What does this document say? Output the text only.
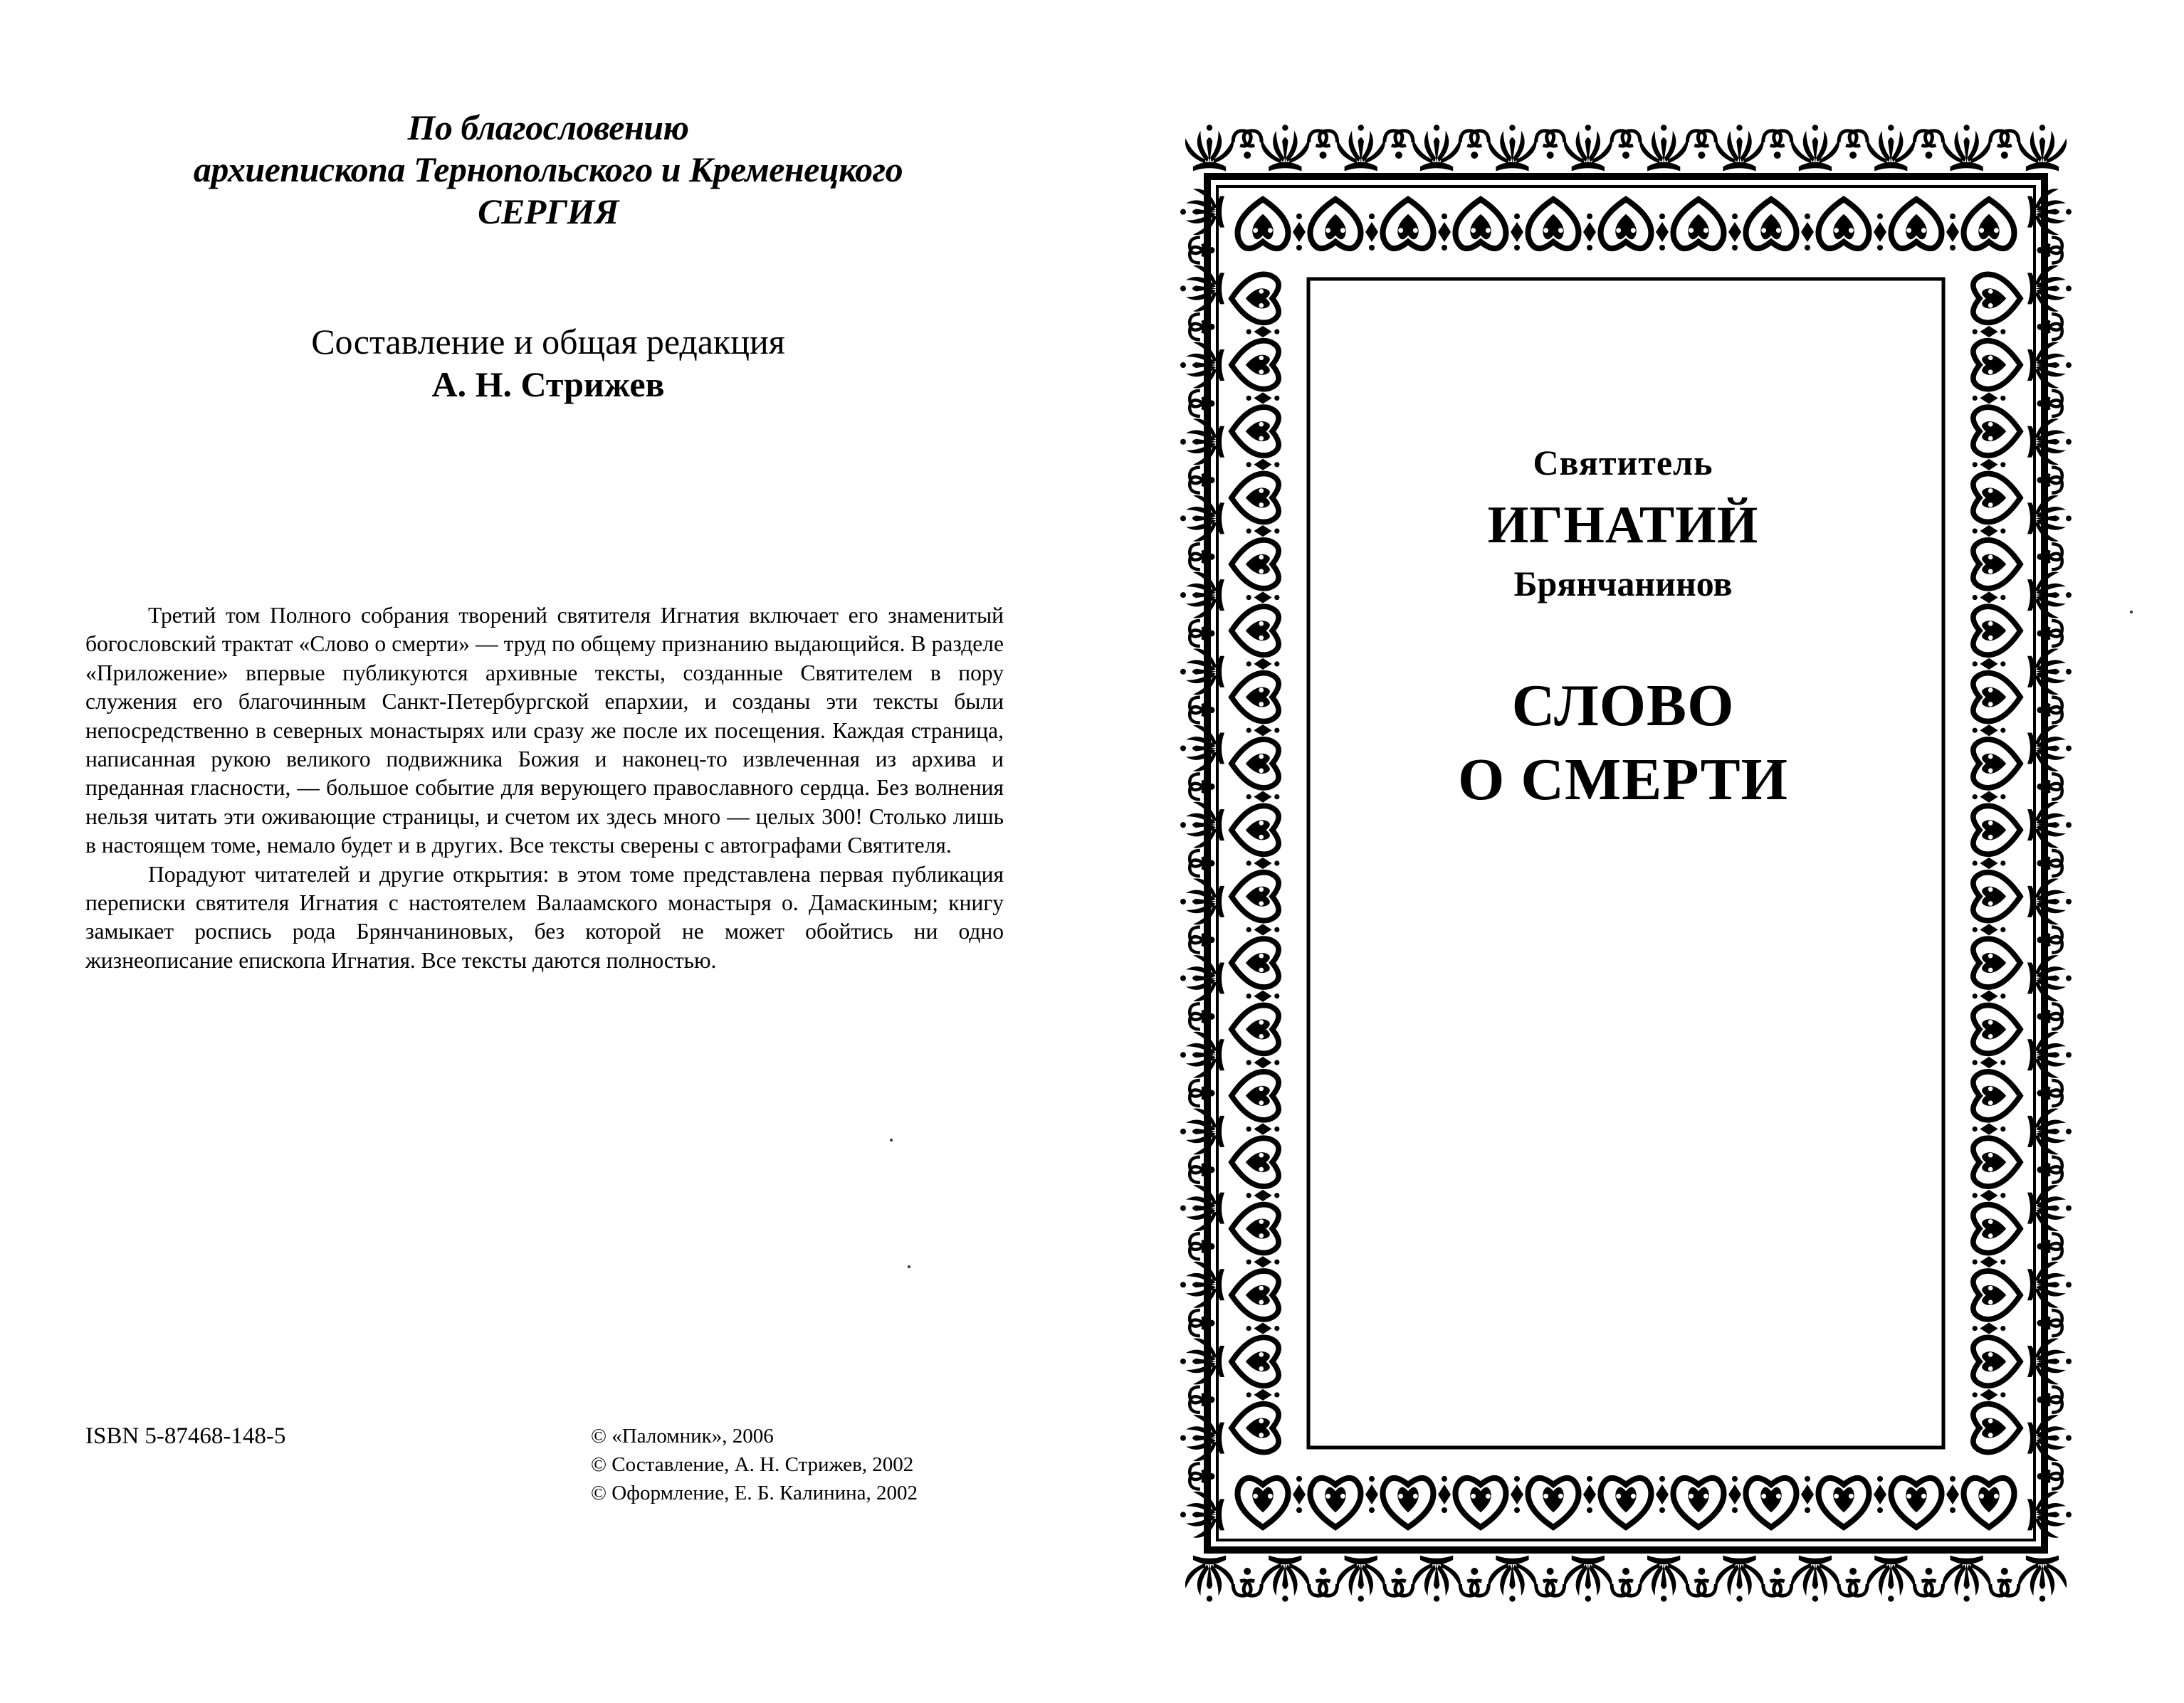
По благословению
архиепископа Тернопольского и Кременецкого
СЕРГИЯ
Составление и общая редакция
А. Н. Стрижев

Третий том Полного собрания творений святителя Игнатия включает его знаменитый богословский трактат «Слово о смерти» — труд по общему признанию выдающийся. В разделе «Приложение» впервые публикуются архивные тексты, созданные Святителем в пору служения его благочинным Санкт-Петербургской епархии, и созданы эти тексты были непосредственно в северных монастырях или сразу же после их посещения. Каждая страница, написанная рукою великого подвижника Божия и наконец-то извлеченная из архива и преданная гласности, — большое событие для верующего православного сердца. Без волнения нельзя читать эти оживающие страницы, и счетом их здесь много — целых 300! Столько лишь в настоящем томе, немало будет и в других. Все тексты сверены с автографами Святителя.

Порадуют читателей и другие открытия: в этом томе представлена первая публикация переписки святителя Игнатия с настоятелем Валаамского монастыря о. Дамаскиным; книгу замыкает роспись рода Брянчаниновых, без которой не может обойтись ни одно жизнеописание епископа Игнатия. Все тексты даются полностью.

ISBN 5-87468-148-5	© «Паломник», 2006
© Составление, А. Н. Стрижев, 2002
© Оформление, Е. Б. Калинина, 2002
Святитель
ИГНАТИЙ
Брянчанинов
СЛОВО
О СМЕРТИ
